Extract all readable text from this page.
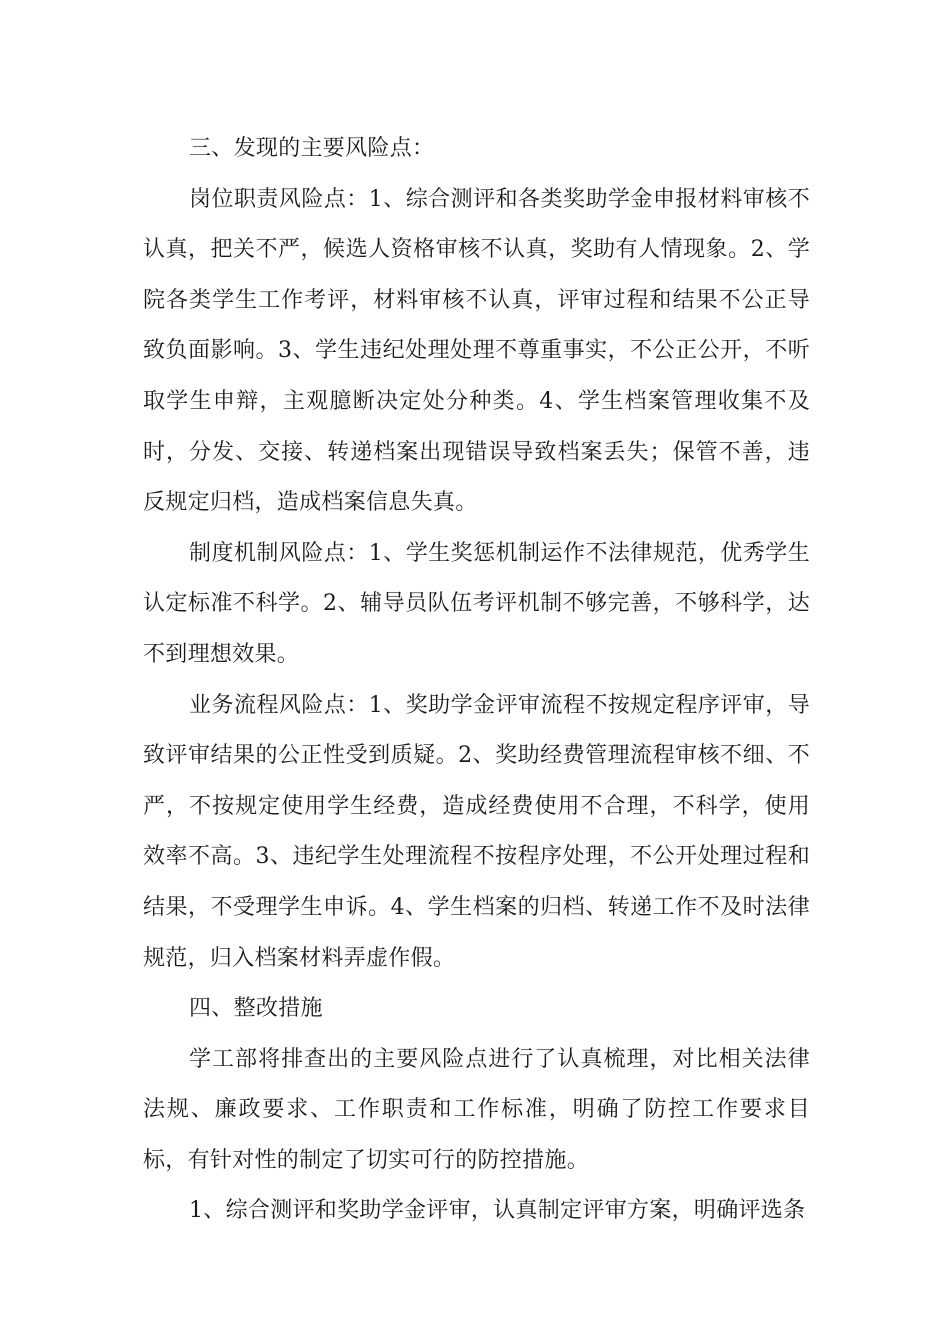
三、发现的主要风险点：

岗位职责风险点：1、综合测评和各类奖助学金申报材料审核不认真，把关不严，候选人资格审核不认真，奖助有人情现象。2、学院各类学生工作考评，材料审核不认真，评审过程和结果不公正导致负面影响。3、学生违纪处理处理不尊重事实，不公正公开，不听取学生申辩，主观臆断决定处分种类。4、学生档案管理收集不及时，分发、交接、转递档案出现错误导致档案丢失；保管不善，违反规定归档，造成档案信息失真。

制度机制风险点：1、学生奖惩机制运作不法律规范，优秀学生认定标准不科学。2、辅导员队伍考评机制不够完善，不够科学，达不到理想效果。

业务流程风险点：1、奖助学金评审流程不按规定程序评审，导致评审结果的公正性受到质疑。2、奖助经费管理流程审核不细、不严，不按规定使用学生经费，造成经费使用不合理，不科学，使用效率不高。3、违纪学生处理流程不按程序处理，不公开处理过程和结果，不受理学生申诉。4、学生档案的归档、转递工作不及时法律规范，归入档案材料弄虚作假。

四、整改措施

学工部将排查出的主要风险点进行了认真梳理，对比相关法律法规、廉政要求、工作职责和工作标准，明确了防控工作要求目标，有针对性的制定了切实可行的防控措施。

1、综合测评和奖助学金评审，认真制定评审方案，明确评选条
